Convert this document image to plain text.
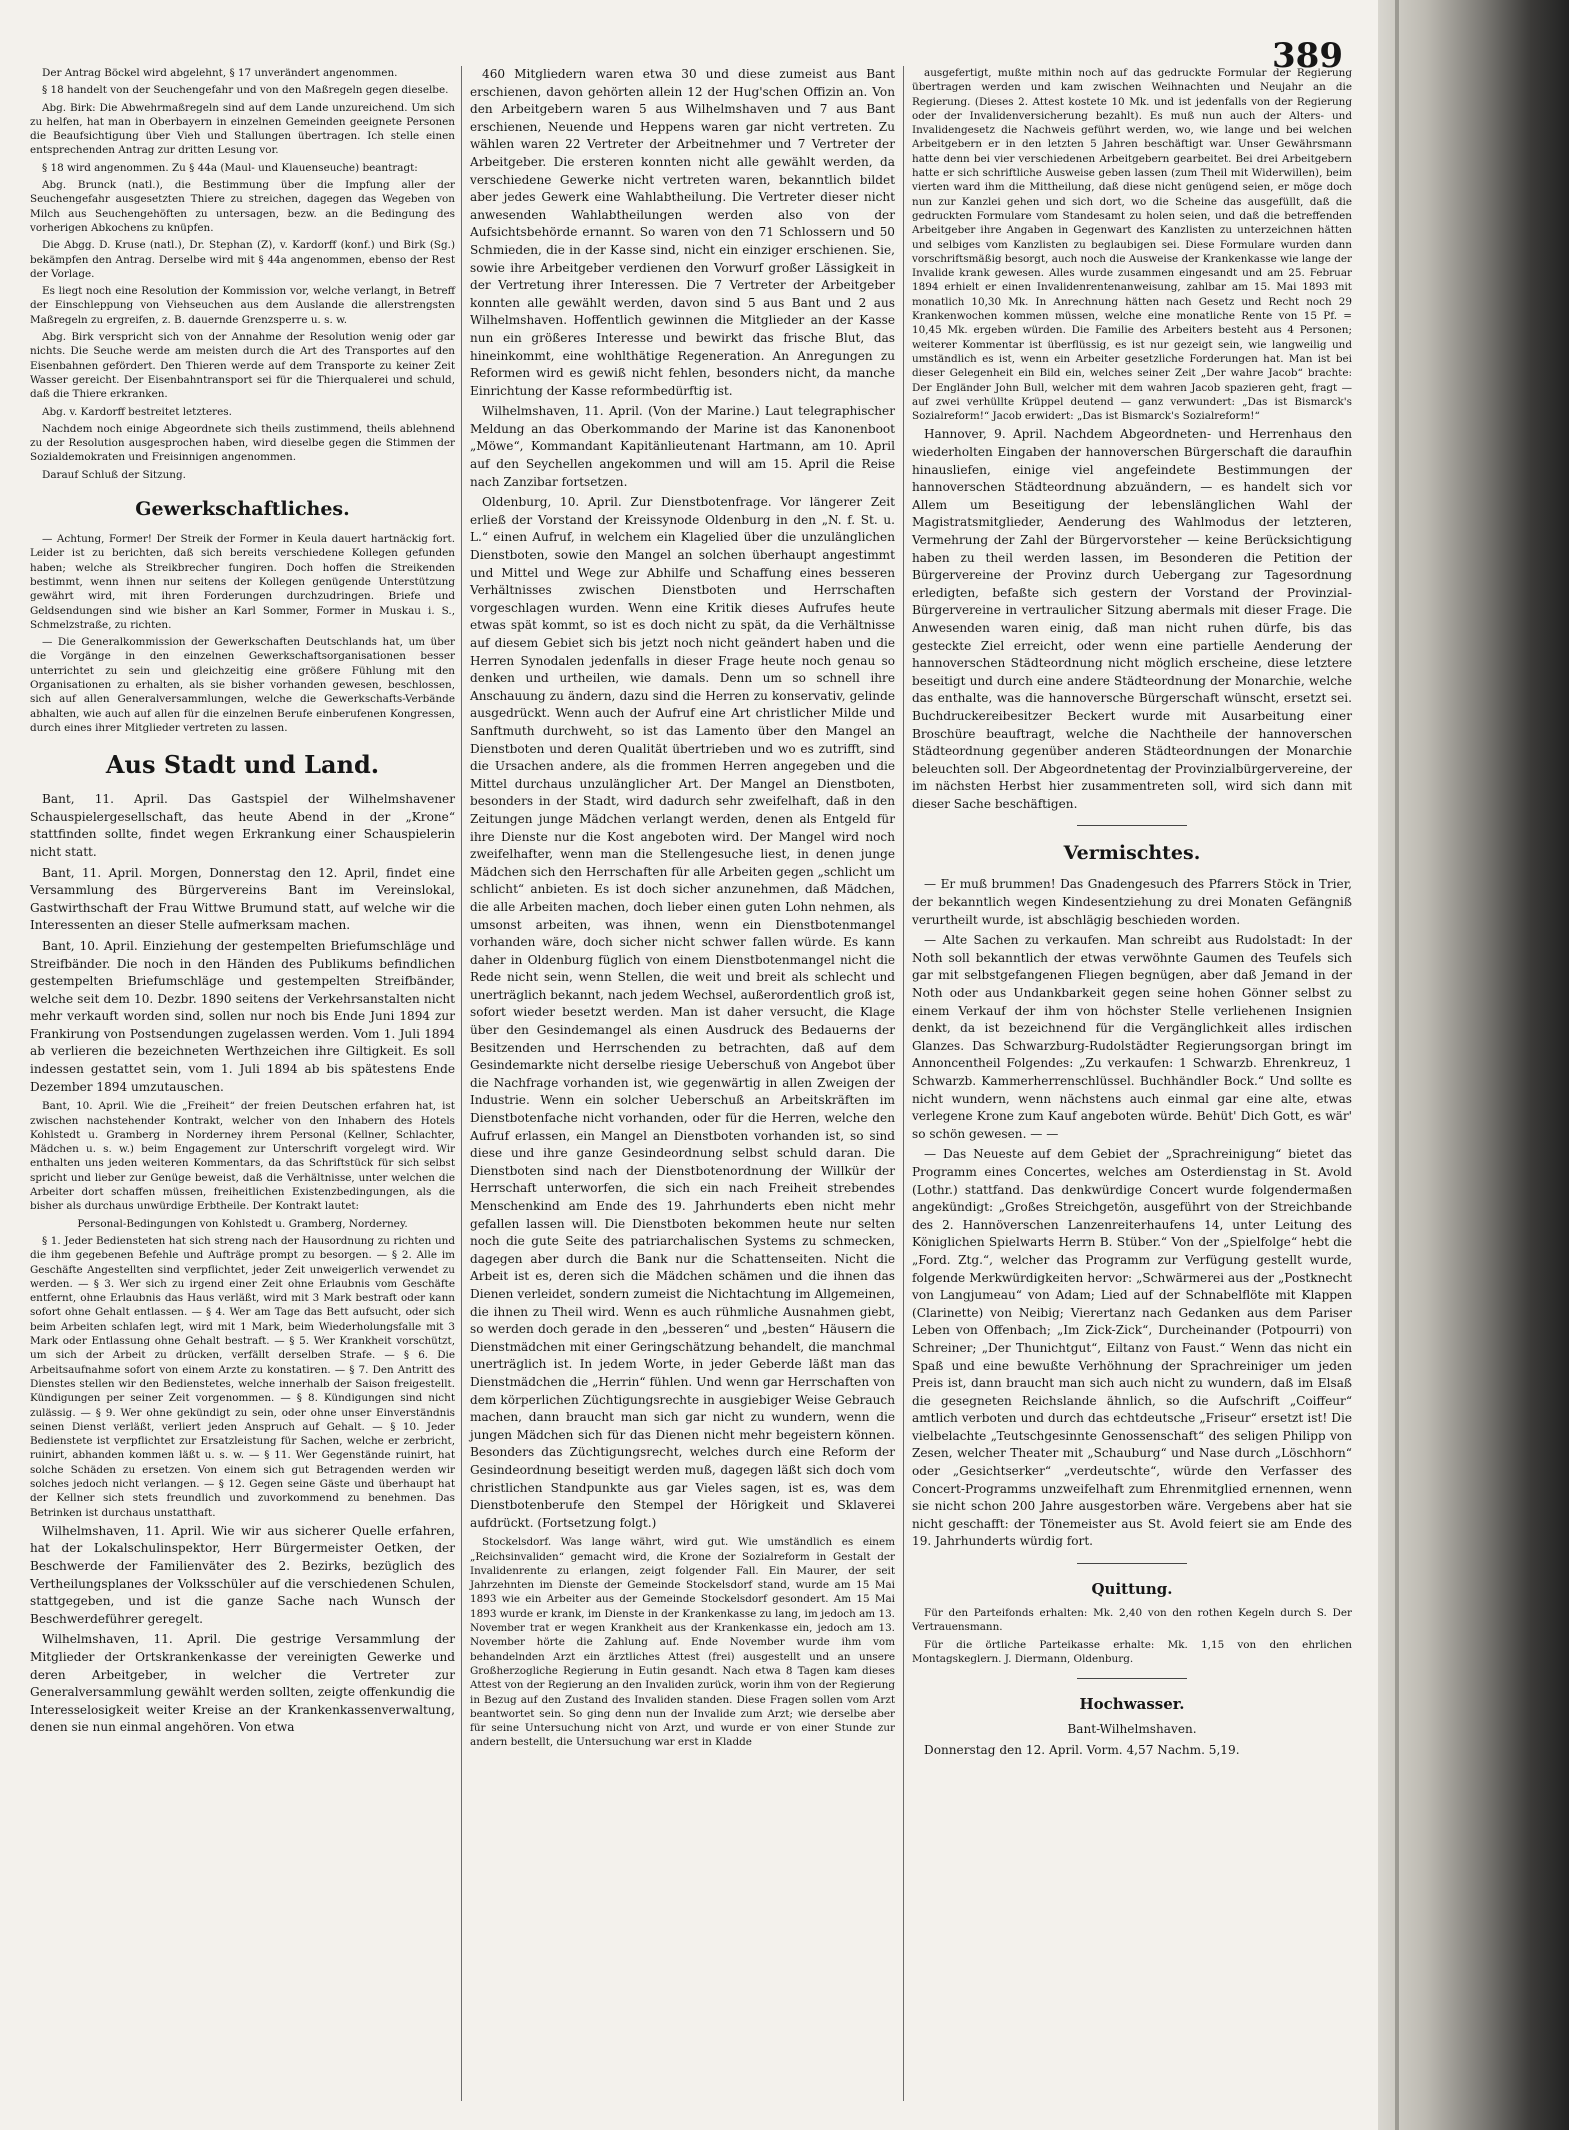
389

Der Antrag Böckel wird abgelehnt, § 17 unverändert angenommen.

§ 18 handelt von der Seuchengefahr und von den Maßregeln gegen dieselbe.

Abg. Birk: Die Abwehrmaßregeln sind auf dem Lande unzureichend. Um sich zu helfen, hat man in Oberbayern in einzelnen Gemeinden geeignete Personen die Beaufsichtigung über Vieh und Stallungen übertragen. Ich stelle einen entsprechenden Antrag zur dritten Lesung vor.

§ 18 wird angenommen. Zu § 44a (Maul- und Klauenseuche) beantragt:

Abg. Brunck (natl.), die Bestimmung über die Impfung aller der Seuchengefahr ausgesetzten Thiere zu streichen, dagegen das Wegeben von Milch aus Seuchengehöften zu untersagen, bezw. an die Bedingung des vorherigen Abkochens zu knüpfen.

Die Abgg. D. Kruse (natl.), Dr. Stephan (Z), v. Kardorff (konf.) und Birk (Sg.) bekämpfen den Antrag. Derselbe wird mit § 44a angenommen, ebenso der Rest der Vorlage.

Es liegt noch eine Resolution der Kommission vor, welche verlangt, in Betreff der Einschleppung von Viehseuchen aus dem Auslande die allerstrengsten Maßregeln zu ergreifen, z. B. dauernde Grenzsperre u. s. w.

Abg. Birk verspricht sich von der Annahme der Resolution wenig oder gar nichts. Die Seuche werde am meisten durch die Art des Transportes auf den Eisenbahnen gefördert. Den Thieren werde auf dem Transporte zu keiner Zeit Wasser gereicht. Der Eisenbahntransport sei für die Thierqualerei und schuld, daß die Thiere erkranken.

Abg. v. Kardorff bestreitet letzteres.

Nachdem noch einige Abgeordnete sich theils zustimmend, theils ablehnend zu der Resolution ausgesprochen haben, wird dieselbe gegen die Stimmen der Sozialdemokraten und Freisinnigen angenommen.

Darauf Schluß der Sitzung.

Gewerkschaftliches.

— Achtung, Former! Der Streik der Former in Keula dauert hartnäckig fort. Leider ist zu berichten, daß sich bereits verschiedene Kollegen gefunden haben; welche als Streikbrecher fungiren. Doch hoffen die Streikenden bestimmt, wenn ihnen nur seitens der Kollegen genügende Unterstützung gewährt wird, mit ihren Forderungen durchzudringen. Briefe und Geldsendungen sind wie bisher an Karl Sommer, Former in Muskau i. S., Schmelzstraße, zu richten.

— Die Generalkommission der Gewerkschaften Deutschlands hat, um über die Vorgänge in den einzelnen Gewerkschaftsorganisationen besser unterrichtet zu sein und gleichzeitig eine größere Fühlung mit den Organisationen zu erhalten, als sie bisher vorhanden gewesen, beschlossen, sich auf allen Generalversammlungen, welche die Gewerkschafts-Verbände abhalten, wie auch auf allen für die einzelnen Berufe einberufenen Kongressen, durch eines ihrer Mitglieder vertreten zu lassen.

Aus Stadt und Land.

Bant, 11. April. Das Gastspiel der Wilhelmshavener Schauspielergesellschaft, das heute Abend in der „Krone“ stattfinden sollte, findet wegen Erkrankung einer Schauspielerin nicht statt.

Bant, 11. April. Morgen, Donnerstag den 12. April, findet eine Versammlung des Bürgervereins Bant im Vereinslokal, Gastwirthschaft der Frau Wittwe Brumund statt, auf welche wir die Interessenten an dieser Stelle aufmerksam machen.

Bant, 10. April. Einziehung der gestempelten Briefumschläge und Streifbänder. Die noch in den Händen des Publikums befindlichen gestempelten Briefumschläge und gestempelten Streifbänder, welche seit dem 10. Dezbr. 1890 seitens der Verkehrsanstalten nicht mehr verkauft worden sind, sollen nur noch bis Ende Juni 1894 zur Frankirung von Postsendungen zugelassen werden. Vom 1. Juli 1894 ab verlieren die bezeichneten Werthzeichen ihre Giltigkeit. Es soll indessen gestattet sein, vom 1. Juli 1894 ab bis spätestens Ende Dezember 1894 umzutauschen.

Bant, 10. April. Wie die „Freiheit“ der freien Deutschen erfahren hat, ist zwischen nachstehender Kontrakt, welcher von den Inhabern des Hotels Kohlstedt u. Gramberg in Norderney ihrem Personal (Kellner, Schlachter, Mädchen u. s. w.) beim Engagement zur Unterschrift vorgelegt wird. Wir enthalten uns jeden weiteren Kommentars, da das Schriftstück für sich selbst spricht und lieber zur Genüge beweist, daß die Verhältnisse, unter welchen die Arbeiter dort schaffen müssen, freiheitlichen Existenzbedingungen, als die bisher als durchaus unwürdige Erbtheile. Der Kontrakt lautet:

Personal-Bedingungen von Kohlstedt u. Gramberg, Norderney.

§ 1. Jeder Bediensteten hat sich streng nach der Hausordnung zu richten und die ihm gegebenen Befehle und Aufträge prompt zu besorgen. — § 2. Alle im Geschäfte Angestellten sind verpflichtet, jeder Zeit unweigerlich verwendet zu werden. — § 3. Wer sich zu irgend einer Zeit ohne Erlaubnis vom Geschäfte entfernt, ohne Erlaubnis das Haus verläßt, wird mit 3 Mark bestraft oder kann sofort ohne Gehalt entlassen. — § 4. Wer am Tage das Bett aufsucht, oder sich beim Arbeiten schlafen legt, wird mit 1 Mark, beim Wiederholungsfalle mit 3 Mark oder Entlassung ohne Gehalt bestraft. — § 5. Wer Krankheit vorschützt, um sich der Arbeit zu drücken, verfällt derselben Strafe. — § 6. Die Arbeitsaufnahme sofort von einem Arzte zu konstatiren. — § 7. Den Antritt des Dienstes stellen wir den Bedienstetes, welche innerhalb der Saison freigestellt. Kündigungen per seiner Zeit vorgenommen. — § 8. Kündigungen sind nicht zulässig. — § 9. Wer ohne gekündigt zu sein, oder ohne unser Einverständnis seinen Dienst verläßt, verliert jeden Anspruch auf Gehalt. — § 10. Jeder Bedienstete ist verpflichtet zur Ersatzleistung für Sachen, welche er zerbricht, ruinirt, abhanden kommen läßt u. s. w. — § 11. Wer Gegenstände ruinirt, hat solche Schäden zu ersetzen. Von einem sich gut Betragenden werden wir solches jedoch nicht verlangen. — § 12. Gegen seine Gäste und überhaupt hat der Kellner sich stets freundlich und zuvorkommend zu benehmen. Das Betrinken ist durchaus unstatthaft.

Wilhelmshaven, 11. April. Wie wir aus sicherer Quelle erfahren, hat der Lokalschulinspektor, Herr Bürgermeister Oetken, der Beschwerde der Familienväter des 2. Bezirks, bezüglich des Vertheilungsplanes der Volksschüler auf die verschiedenen Schulen, stattgegeben, und ist die ganze Sache nach Wunsch der Beschwerdeführer geregelt.

Wilhelmshaven, 11. April. Die gestrige Versammlung der Mitglieder der Ortskrankenkasse der vereinigten Gewerke und deren Arbeitgeber, in welcher die Vertreter zur Generalversammlung gewählt werden sollten, zeigte offenkundig die Interesselosigkeit weiter Kreise an der Krankenkassenverwaltung, denen sie nun einmal angehören. Von etwa

460 Mitgliedern waren etwa 30 und diese zumeist aus Bant erschienen, davon gehörten allein 12 der Hug'schen Offizin an. Von den Arbeitgebern waren 5 aus Wilhelmshaven und 7 aus Bant erschienen, Neuende und Heppens waren gar nicht vertreten. Zu wählen waren 22 Vertreter der Arbeitnehmer und 7 Vertreter der Arbeitgeber. Die ersteren konnten nicht alle gewählt werden, da verschiedene Gewerke nicht vertreten waren, bekanntlich bildet aber jedes Gewerk eine Wahlabtheilung. Die Vertreter dieser nicht anwesenden Wahlabtheilungen werden also von der Aufsichtsbehörde ernannt. So waren von den 71 Schlossern und 50 Schmieden, die in der Kasse sind, nicht ein einziger erschienen. Sie, sowie ihre Arbeitgeber verdienen den Vorwurf großer Lässigkeit in der Vertretung ihrer Interessen. Die 7 Vertreter der Arbeitgeber konnten alle gewählt werden, davon sind 5 aus Bant und 2 aus Wilhelmshaven. Hoffentlich gewinnen die Mitglieder an der Kasse nun ein größeres Interesse und bewirkt das frische Blut, das hineinkommt, eine wohlthätige Regeneration. An Anregungen zu Reformen wird es gewiß nicht fehlen, besonders nicht, da manche Einrichtung der Kasse reformbedürftig ist.

Wilhelmshaven, 11. April. (Von der Marine.) Laut telegraphischer Meldung an das Oberkommando der Marine ist das Kanonenboot „Möwe“, Kommandant Kapitänlieutenant Hartmann, am 10. April auf den Seychellen angekommen und will am 15. April die Reise nach Zanzibar fortsetzen.

Oldenburg, 10. April. Zur Dienstbotenfrage. Vor längerer Zeit erließ der Vorstand der Kreissynode Oldenburg in den „N. f. St. u. L.“ einen Aufruf, in welchem ein Klagelied über die unzulänglichen Dienstboten, sowie den Mangel an solchen überhaupt angestimmt und Mittel und Wege zur Abhilfe und Schaffung eines besseren Verhältnisses zwischen Dienstboten und Herrschaften vorgeschlagen wurden. Wenn eine Kritik dieses Aufrufes heute etwas spät kommt, so ist es doch nicht zu spät, da die Verhältnisse auf diesem Gebiet sich bis jetzt noch nicht geändert haben und die Herren Synodalen jedenfalls in dieser Frage heute noch genau so denken und urtheilen, wie damals. Denn um so schnell ihre Anschauung zu ändern, dazu sind die Herren zu konservativ, gelinde ausgedrückt. Wenn auch der Aufruf eine Art christlicher Milde und Sanftmuth durchweht, so ist das Lamento über den Mangel an Dienstboten und deren Qualität übertrieben und wo es zutrifft, sind die Ursachen andere, als die frommen Herren angegeben und die Mittel durchaus unzulänglicher Art. Der Mangel an Dienstboten, besonders in der Stadt, wird dadurch sehr zweifelhaft, daß in den Zeitungen junge Mädchen verlangt werden, denen als Entgeld für ihre Dienste nur die Kost angeboten wird. Der Mangel wird noch zweifelhafter, wenn man die Stellengesuche liest, in denen junge Mädchen sich den Herrschaften für alle Arbeiten gegen „schlicht um schlicht“ anbieten. Es ist doch sicher anzunehmen, daß Mädchen, die alle Arbeiten machen, doch lieber einen guten Lohn nehmen, als umsonst arbeiten, was ihnen, wenn ein Dienstbotenmangel vorhanden wäre, doch sicher nicht schwer fallen würde. Es kann daher in Oldenburg füglich von einem Dienstbotenmangel nicht die Rede nicht sein, wenn Stellen, die weit und breit als schlecht und unerträglich bekannt, nach jedem Wechsel, außerordentlich groß ist, sofort wieder besetzt werden. Man ist daher versucht, die Klage über den Gesindemangel als einen Ausdruck des Bedauerns der Besitzenden und Herrschenden zu betrachten, daß auf dem Gesindemarkte nicht derselbe riesige Ueberschuß von Angebot über die Nachfrage vorhanden ist, wie gegenwärtig in allen Zweigen der Industrie. Wenn ein solcher Ueberschuß an Arbeitskräften im Dienstbotenfache nicht vorhanden, oder für die Herren, welche den Aufruf erlassen, ein Mangel an Dienstboten vorhanden ist, so sind diese und ihre ganze Gesindeordnung selbst schuld daran. Die Dienstboten sind nach der Dienstbotenordnung der Willkür der Herrschaft unterworfen, die sich ein nach Freiheit strebendes Menschenkind am Ende des 19. Jahrhunderts eben nicht mehr gefallen lassen will. Die Dienstboten bekommen heute nur selten noch die gute Seite des patriarchalischen Systems zu schmecken, dagegen aber durch die Bank nur die Schattenseiten. Nicht die Arbeit ist es, deren sich die Mädchen schämen und die ihnen das Dienen verleidet, sondern zumeist die Nichtachtung im Allgemeinen, die ihnen zu Theil wird. Wenn es auch rühmliche Ausnahmen giebt, so werden doch gerade in den „besseren“ und „besten“ Häusern die Dienstmädchen mit einer Geringschätzung behandelt, die manchmal unerträglich ist. In jedem Worte, in jeder Geberde läßt man das Dienstmädchen die „Herrin“ fühlen. Und wenn gar Herrschaften von dem körperlichen Züchtigungsrechte in ausgiebiger Weise Gebrauch machen, dann braucht man sich gar nicht zu wundern, wenn die jungen Mädchen sich für das Dienen nicht mehr begeistern können. Besonders das Züchtigungsrecht, welches durch eine Reform der Gesindeordnung beseitigt werden muß, dagegen läßt sich doch vom christlichen Standpunkte aus gar Vieles sagen, ist es, was dem Dienstbotenberufe den Stempel der Hörigkeit und Sklaverei aufdrückt. (Fortsetzung folgt.)

Stockelsdorf. Was lange währt, wird gut. Wie umständlich es einem „Reichsinvaliden“ gemacht wird, die Krone der Sozialreform in Gestalt der Invalidenrente zu erlangen, zeigt folgender Fall. Ein Maurer, der seit Jahrzehnten im Dienste der Gemeinde Stockelsdorf stand, wurde am 15 Mai 1893 wie ein Arbeiter aus der Gemeinde Stockelsdorf gesondert. Am 15 Mai 1893 wurde er krank, im Dienste in der Krankenkasse zu lang, im jedoch am 13. November trat er wegen Krankheit aus der Krankenkasse ein, jedoch am 13. November hörte die Zahlung auf. Ende November wurde ihm vom behandelnden Arzt ein ärztliches Attest (frei) ausgestellt und an unsere Großherzogliche Regierung in Eutin gesandt. Nach etwa 8 Tagen kam dieses Attest von der Regierung an den Invaliden zurück, worin ihm von der Regierung in Bezug auf den Zustand des Invaliden standen. Diese Fragen sollen vom Arzt beantwortet sein. So ging denn nun der Invalide zum Arzt; wie derselbe aber für seine Untersuchung nicht von Arzt, und wurde er von einer Stunde zur andern bestellt, die Untersuchung war erst in Kladde

ausgefertigt, mußte mithin noch auf das gedruckte Formular der Regierung übertragen werden und kam zwischen Weihnachten und Neujahr an die Regierung. (Dieses 2. Attest kostete 10 Mk. und ist jedenfalls von der Regierung oder der Invalidenversicherung bezahlt). Es muß nun auch der Alters- und Invalidengesetz die Nachweis geführt werden, wo, wie lange und bei welchen Arbeitgebern er in den letzten 5 Jahren beschäftigt war. Unser Gewährsmann hatte denn bei vier verschiedenen Arbeitgebern gearbeitet. Bei drei Arbeitgebern hatte er sich schriftliche Ausweise geben lassen (zum Theil mit Widerwillen), beim vierten ward ihm die Mittheilung, daß diese nicht genügend seien, er möge doch nun zur Kanzlei gehen und sich dort, wo die Scheine das ausgefüllt, daß die gedruckten Formulare vom Standesamt zu holen seien, und daß die betreffenden Arbeitgeber ihre Angaben in Gegenwart des Kanzlisten zu unterzeichnen hätten und selbiges vom Kanzlisten zu beglaubigen sei. Diese Formulare wurden dann vorschriftsmäßig besorgt, auch noch die Ausweise der Krankenkasse wie lange der Invalide krank gewesen. Alles wurde zusammen eingesandt und am 25. Februar 1894 erhielt er einen Invalidenrentenanweisung, zahlbar am 15. Mai 1893 mit monatlich 10,30 Mk. In Anrechnung hätten nach Gesetz und Recht noch 29 Krankenwochen kommen müssen, welche eine monatliche Rente von 15 Pf. = 10,45 Mk. ergeben würden. Die Familie des Arbeiters besteht aus 4 Personen; weiterer Kommentar ist überflüssig, es ist nur gezeigt sein, wie langweilig und umständlich es ist, wenn ein Arbeiter gesetzliche Forderungen hat. Man ist bei dieser Gelegenheit ein Bild ein, welches seiner Zeit „Der wahre Jacob“ brachte: Der Engländer John Bull, welcher mit dem wahren Jacob spazieren geht, fragt — auf zwei verhüllte Krüppel deutend — ganz verwundert: „Das ist Bismarck's Sozialreform!“ Jacob erwidert: „Das ist Bismarck's Sozialreform!“

Hannover, 9. April. Nachdem Abgeordneten- und Herrenhaus den wiederholten Eingaben der hannoverschen Bürgerschaft die daraufhin hinausliefen, einige viel angefeindete Bestimmungen der hannoverschen Städteordnung abzuändern, — es handelt sich vor Allem um Beseitigung der lebenslänglichen Wahl der Magistratsmitglieder, Aenderung des Wahlmodus der letzteren, Vermehrung der Zahl der Bürgervorsteher — keine Berücksichtigung haben zu theil werden lassen, im Besonderen die Petition der Bürgervereine der Provinz durch Uebergang zur Tagesordnung erledigten, befaßte sich gestern der Vorstand der Provinzial-Bürgervereine in vertraulicher Sitzung abermals mit dieser Frage. Die Anwesenden waren einig, daß man nicht ruhen dürfe, bis das gesteckte Ziel erreicht, oder wenn eine partielle Aenderung der hannoverschen Städteordnung nicht möglich erscheine, diese letztere beseitigt und durch eine andere Städteordnung der Monarchie, welche das enthalte, was die hannoversche Bürgerschaft wünscht, ersetzt sei. Buchdruckereibesitzer Beckert wurde mit Ausarbeitung einer Broschüre beauftragt, welche die Nachtheile der hannoverschen Städteordnung gegenüber anderen Städteordnungen der Monarchie beleuchten soll. Der Abgeordnetentag der Provinzialbürgervereine, der im nächsten Herbst hier zusammentreten soll, wird sich dann mit dieser Sache beschäftigen.

Vermischtes.

— Er muß brummen! Das Gnadengesuch des Pfarrers Stöck in Trier, der bekanntlich wegen Kindesentziehung zu drei Monaten Gefängniß verurtheilt wurde, ist abschlägig beschieden worden.

— Alte Sachen zu verkaufen. Man schreibt aus Rudolstadt: In der Noth soll bekanntlich der etwas verwöhnte Gaumen des Teufels sich gar mit selbstgefangenen Fliegen begnügen, aber daß Jemand in der Noth oder aus Undankbarkeit gegen seine hohen Gönner selbst zu einem Verkauf der ihm von höchster Stelle verliehenen Insignien denkt, da ist bezeichnend für die Vergänglichkeit alles irdischen Glanzes. Das Schwarzburg-Rudolstädter Regierungsorgan bringt im Annoncentheil Folgendes: „Zu verkaufen: 1 Schwarzb. Ehrenkreuz, 1 Schwarzb. Kammerherrenschlüssel. Buchhändler Bock.“ Und sollte es nicht wundern, wenn nächstens auch einmal gar eine alte, etwas verlegene Krone zum Kauf angeboten würde. Behüt' Dich Gott, es wär' so schön gewesen. — —

— Das Neueste auf dem Gebiet der „Sprachreinigung“ bietet das Programm eines Concertes, welches am Osterdienstag in St. Avold (Lothr.) stattfand. Das denkwürdige Concert wurde folgendermaßen angekündigt: „Großes Streichgetön, ausgeführt von der Streichbande des 2. Hannöverschen Lanzenreiterhaufens 14, unter Leitung des Königlichen Spielwarts Herrn B. Stüber.“ Von der „Spielfolge“ hebt die „Ford. Ztg.“, welcher das Programm zur Verfügung gestellt wurde, folgende Merkwürdigkeiten hervor: „Schwärmerei aus der „Postknecht von Langjumeau“ von Adam; Lied auf der Schnabelflöte mit Klappen (Clarinette) von Neibig; Vierertanz nach Gedanken aus dem Pariser Leben von Offenbach; „Im Zick-Zick“, Durcheinander (Potpourri) von Schreiner; „Der Thunichtgut“, Eiltanz von Faust.“ Wenn das nicht ein Spaß und eine bewußte Verhöhnung der Sprachreiniger um jeden Preis ist, dann braucht man sich auch nicht zu wundern, daß im Elsaß die gesegneten Reichslande ähnlich, so die Aufschrift „Coiffeur“ amtlich verboten und durch das echtdeutsche „Friseur“ ersetzt ist! Die vielbelachte „Teutschgesinnte Genossenschaft“ des seligen Philipp von Zesen, welcher Theater mit „Schauburg“ und Nase durch „Löschhorn“ oder „Gesichtserker“ „verdeutschte“, würde den Verfasser des Concert-Programms unzweifelhaft zum Ehrenmitglied ernennen, wenn sie nicht schon 200 Jahre ausgestorben wäre. Vergebens aber hat sie nicht geschafft: der Tönemeister aus St. Avold feiert sie am Ende des 19. Jahrhunderts würdig fort.

Quittung.

Für den Parteifonds erhalten: Mk. 2,40 von den rothen Kegeln durch S. Der Vertrauensmann.

Für die örtliche Parteikasse erhalte: Mk. 1,15 von den ehrlichen Montagskeglern. J. Diermann, Oldenburg.

Hochwasser.

Bant-Wilhelmshaven.

Donnerstag den 12. April. Vorm. 4,57 Nachm. 5,19.
